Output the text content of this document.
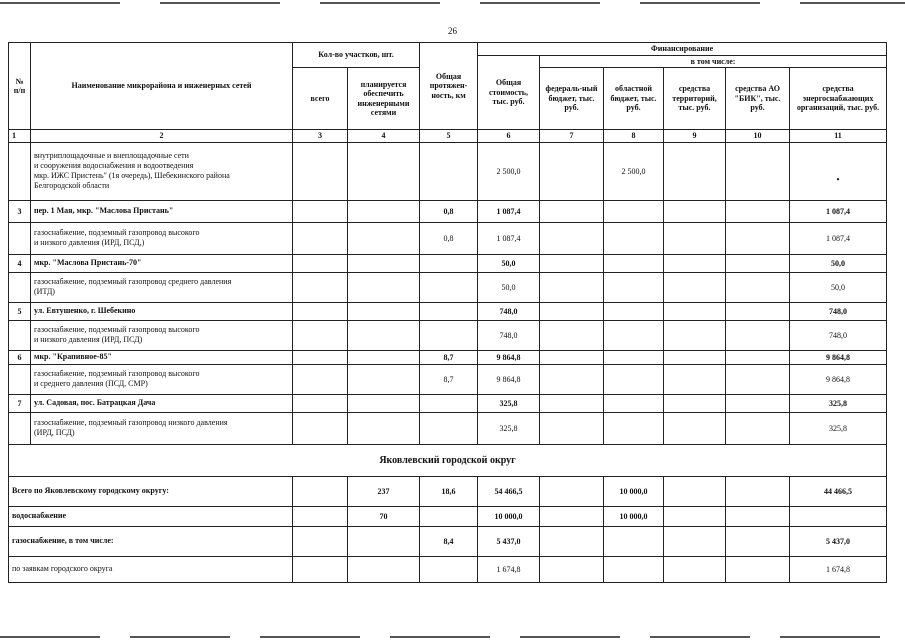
26
№ п/п	Наименование микрорайона и инженерных сетей	Кол-во участков, шт.		Общая протяжен-ность, км	Финансирование					
					Общая стоимость, тыс. руб.	в том числе:				
		всего	планируется обеспечить инженерными сетями			федераль-ный бюджет, тыс. руб.	областной бюджет, тыс. руб.	средства территорий, тыс. руб.	средства АО "БИК", тыс. руб.	средства энергоснабжающих организаций, тыс. руб.
1	2	3	4	5	6	7	8	9	10	11
	внутриплощадочные и внеплощадочные сети
и сооружения водоснабжения и водоотведения
мкр. ИЖС Пристень" (1я очередь), Шебекинского района
Белгородской области				2 500,0		2 500,0			•
3	пер. 1 Мая, мкр. "Маслова Пристань"			0,8	1 087,4					1 087,4
	газоснабжение, подземный газопровод высокого
и низкого давления (ИРД, ПСД,)			0,8	1 087,4					1 087,4
4	мкр. "Маслова Пристань-70"				50,0					50,0
	газоснабжение, подземный газопровод среднего давления
(ИТД)				50,0					50,0
5	ул. Евтушенко, г. Шебекино				748,0					748,0
	газоснабжение, подземный газопровод высокого
и низкого давления (ИРД, ПСД)				748,0					748,0
6	мкр. "Крапивное-85"			8,7	9 864,8					9 864,8
	газоснабжение, подземный газопровод высокого
и среднего давления (ПСД, СМР)			8,7	9 864,8					9 864,8
7	ул. Садовая, пос. Батрацкая Дача				325,8					325,8
	газоснабжение, подземный газопровод низкого давления
(ИРД, ПСД)				325,8					325,8
Яковлевский городской округ										
Всего по Яковлевскому городскому округу:			237	18,6	54 466,5		10 000,0			44 466,5
водоснабжение			70		10 000,0		10 000,0			
газоснабжение, в том числе:				8,4	5 437,0					5 437,0
по заявкам городского округа					1 674,8					1 674,8
